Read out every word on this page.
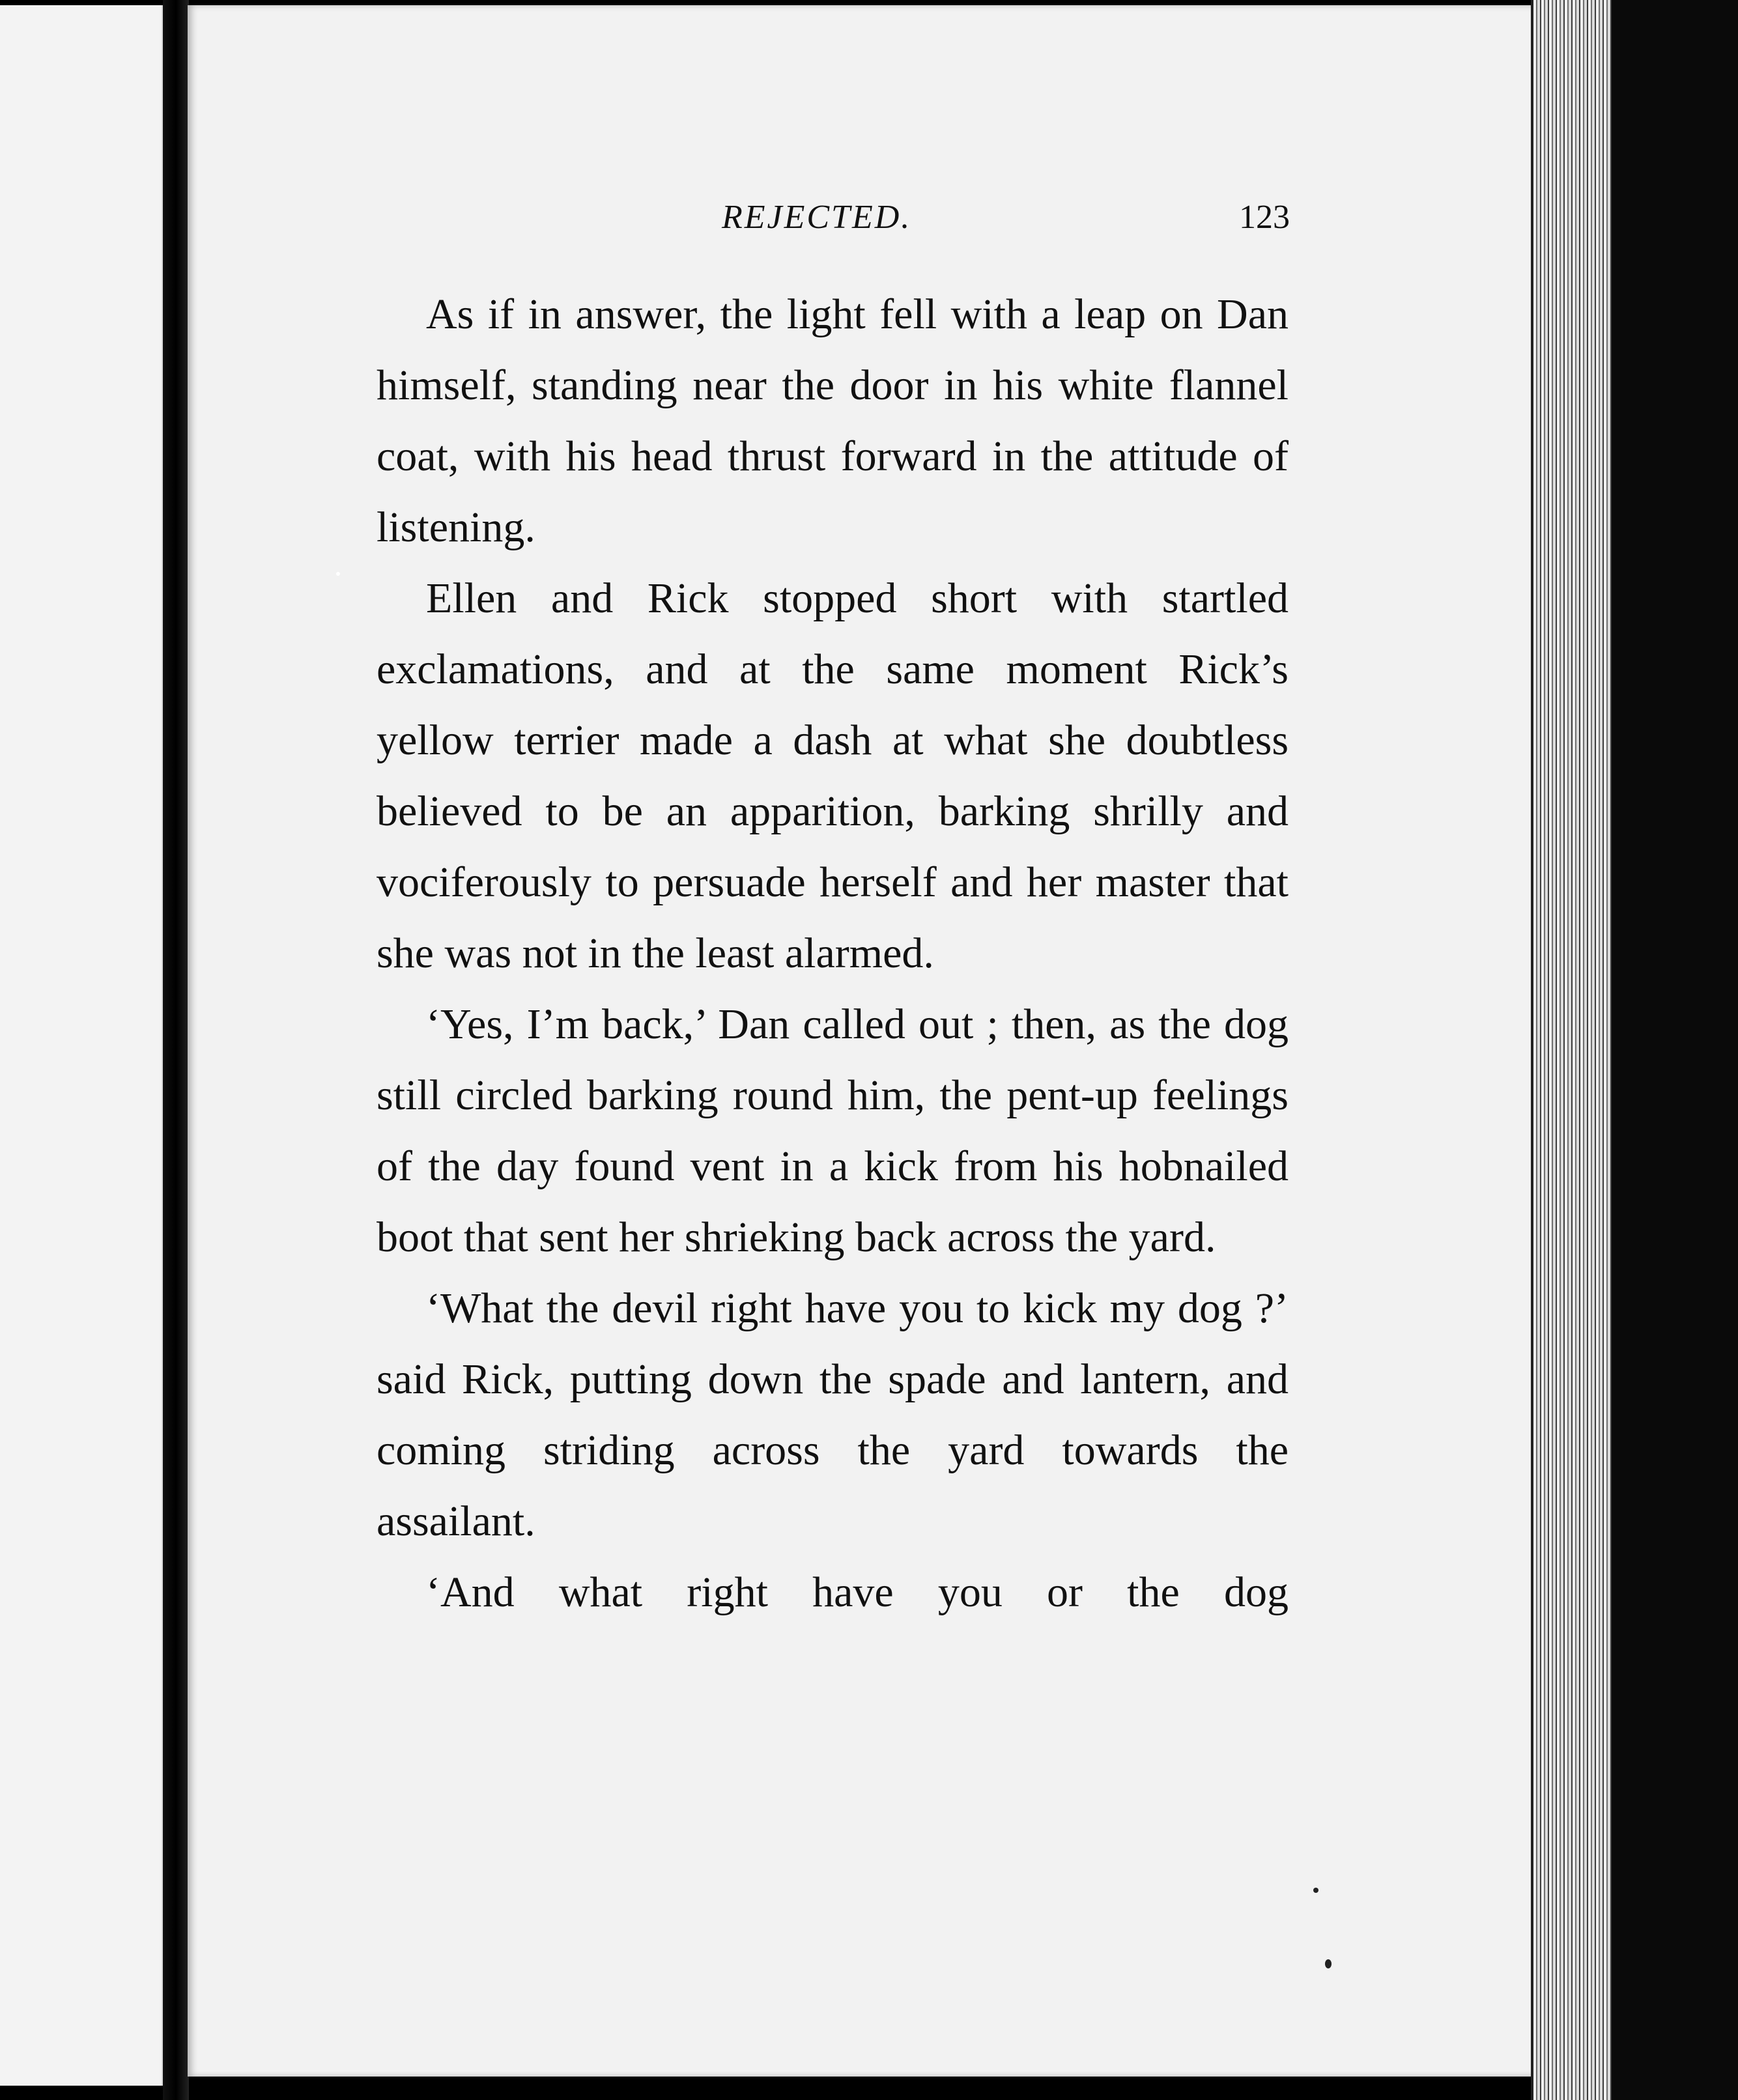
REJECTED.	123

As if in answer, the light fell with a leap on Dan himself, standing near the door in his white flannel coat, with his head thrust forward in the attitude of listening.

Ellen and Rick stopped short with startled exclamations, and at the same moment Rick’s yellow terrier made a dash at what she doubtless believed to be an apparition, barking shrilly and vociferously to persuade herself and her master that she was not in the least alarmed.

‘Yes, I’m back,’ Dan called out ; then, as the dog still circled barking round him, the pent-up feelings of the day found vent in a kick from his hobnailed boot that sent her shrieking back across the yard.

‘What the devil right have you to kick my dog ?’ said Rick, putting down the spade and lantern, and coming striding across the yard towards the assailant.

‘And what right have you or the dog
